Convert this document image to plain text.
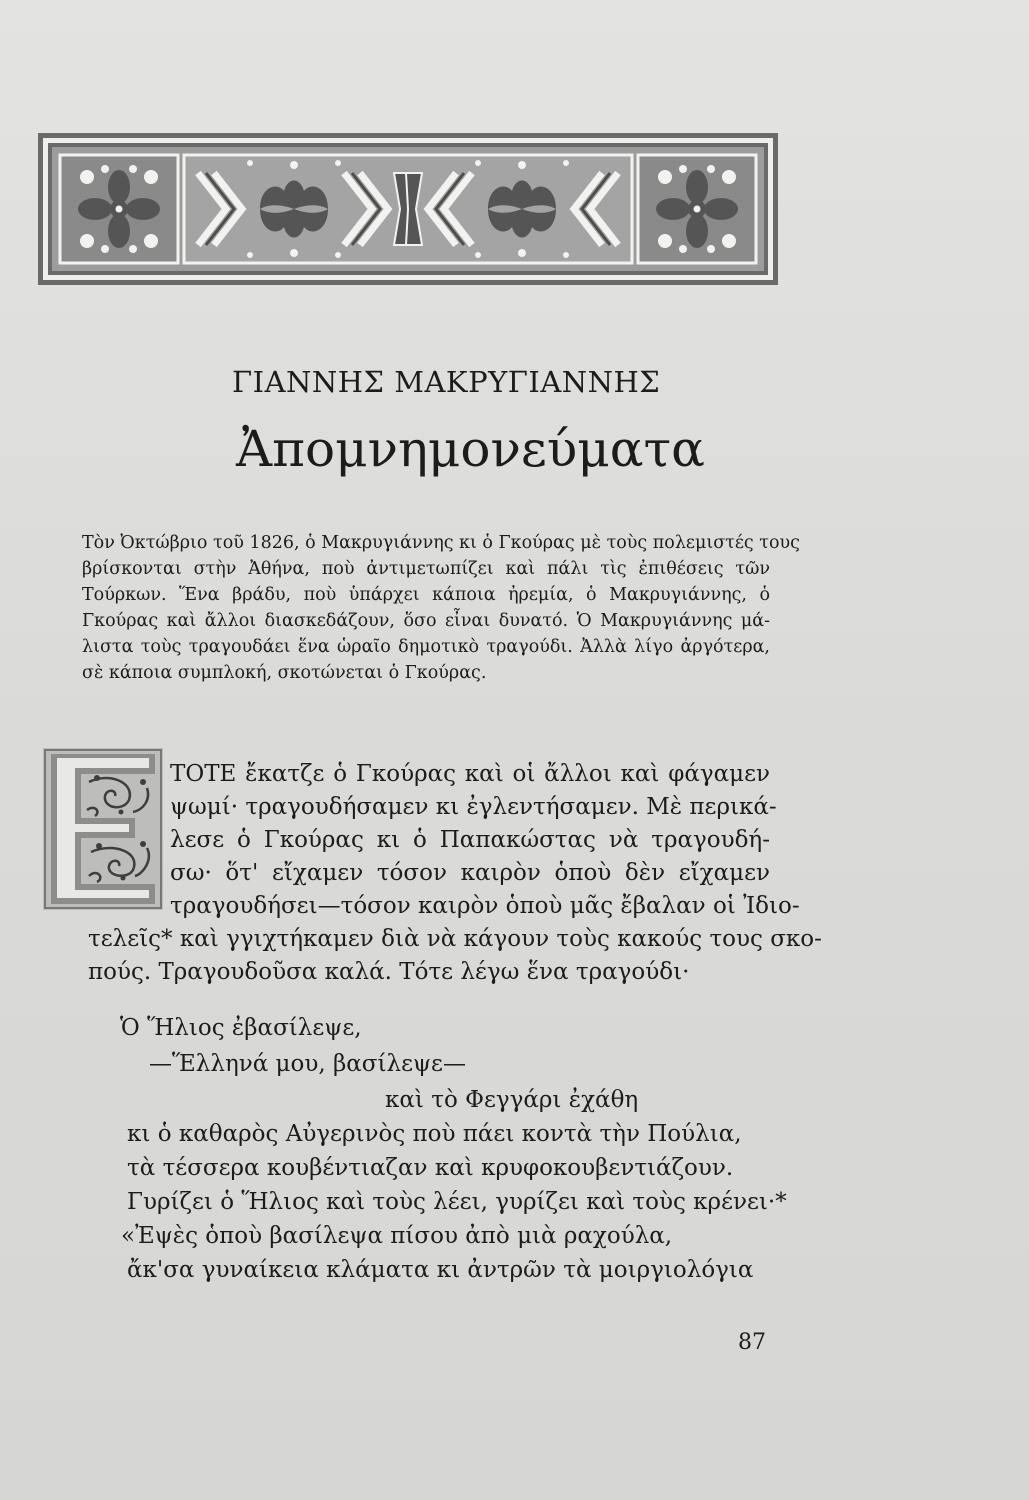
ΓΙΑΝΝΗΣ ΜΑΚΡΥΓΙΑΝΝΗΣ
Ἀπομνημονεύματα
Τὸν Ὀκτώβριο τοῦ 1826, ὁ Μακρυγιάννης κι ὁ Γκούρας μὲ τοὺς πολεμιστές τους
βρίσκονται στὴν Ἀθήνα, ποὺ ἀντιμετωπίζει καὶ πάλι τὶς ἐπιθέσεις τῶν
Τούρκων. Ἕνα βράδυ, ποὺ ὑπάρχει κάποια ἠρεμία, ὁ Μακρυγιάννης, ὁ
Γκούρας καὶ ἄλλοι διασκεδάζουν, ὅσο εἶναι δυνατό. Ὁ Μακρυγιάννης μά-
λιστα τοὺς τραγουδάει ἕνα ὡραῖο δημοτικὸ τραγούδι. Ἀλλὰ λίγο ἀργότερα,
σὲ κάποια συμπλοκή, σκοτώνεται ὁ Γκούρας.
ΤΟΤΕ ἔκατζε ὁ Γκούρας καὶ οἱ ἄλλοι καὶ φάγαμεν
ψωμί· τραγουδήσαμεν κι ἐγλεντήσαμεν. Μὲ περικά-
λεσε ὁ Γκούρας κι ὁ Παπακώστας νὰ τραγουδή-
σω· ὅτ' εἴχαμεν τόσον καιρὸν ὁποὺ δὲν εἴχαμεν
τραγουδήσει—τόσον καιρὸν ὁποὺ μᾶς ἔβαλαν οἱ Ἰδιο-
τελεῖς* καὶ γγιχτήκαμεν διὰ νὰ κάγουν τοὺς κακούς τους σκο-
πούς. Τραγουδοῦσα καλά. Τότε λέγω ἕνα τραγούδι·
Ὁ Ἥλιος ἐβασίλεψε,
—Ἕλληνά μου, βασίλεψε—
καὶ τὸ Φεγγάρι ἐχάθη
κι ὁ καθαρὸς Αὐγερινὸς ποὺ πάει κοντὰ τὴν Πούλια,
τὰ τέσσερα κουβέντιαζαν καὶ κρυφοκουβεντιάζουν.
Γυρίζει ὁ Ἥλιος καὶ τοὺς λέει, γυρίζει καὶ τοὺς κρένει·*
«Ἐψὲς ὁποὺ βασίλεψα πίσου ἀπὸ μιὰ ραχούλα,
ἄκ'σα γυναίκεια κλάματα κι ἀντρῶν τὰ μοιργιολόγια
87
